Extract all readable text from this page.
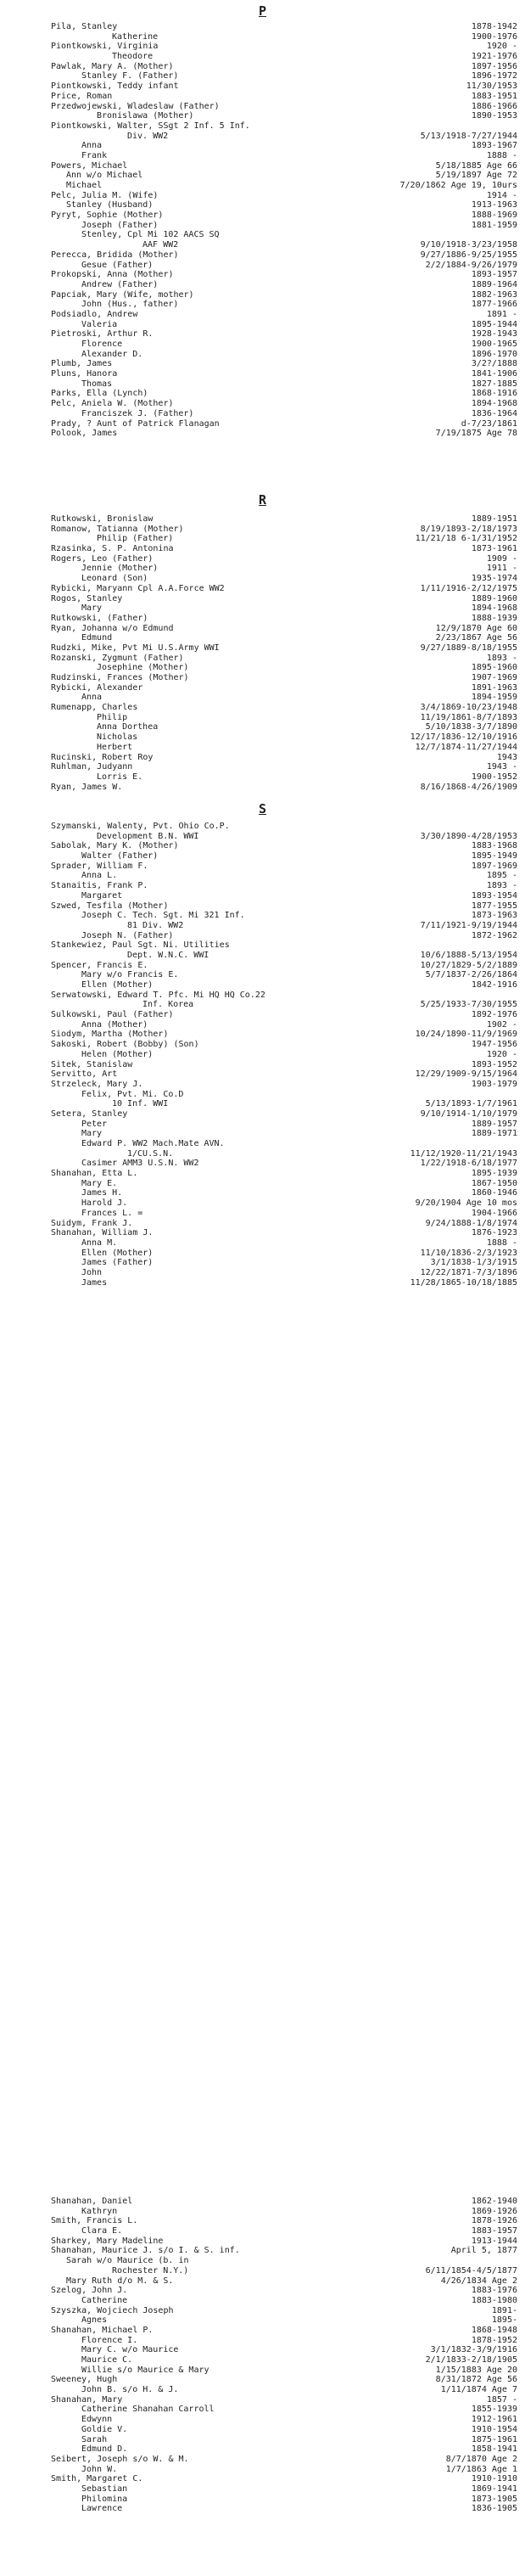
P
Pila, Stanley	1878-1942
Katherine	1900-1976
Piontkowski, Virginia	1920 -
Theodore	1921-1976
Pawlak, Mary A. (Mother)	1897-1956
Stanley F. (Father)	1896-1972
Piontkowski, Teddy infant	11/30/1953
Price, Roman	1883-1951
Przedwojewski, Wladeslaw (Father)	1886-1966
Bronislawa (Mother)	1890-1953
Piontkowski, Walter, SSgt 2 Inf. 5 Inf.
Div. WW2	5/13/1918-7/27/1944
Anna	1893-1967
Frank	1888 -
Powers, Michael	5/18/1885 Age 66
Ann w/o Michael	5/19/1897 Age 72
Michael	7/20/1862 Age 19, 10urs
Pelc, Julia M. (Wife)	1914 -
Stanley (Husband)	1913-1963
Pyryt, Sophie (Mother)	1888-1969
Joseph (Father)	1881-1959
Stenley, Cpl Mi 102 AACS SQ
AAF WW2	9/10/1918-3/23/1958
Perecca, Bridida (Mother)	9/27/1886-9/25/1955
Gesue (Father)	2/2/1884-9/26/1979
Prokopski, Anna (Mother)	1893-1957
Andrew (Father)	1889-1964
Papciak, Mary (Wife, mother)	1882-1963
John (Hus., father)	1877-1966
Podsiadlo, Andrew	1891 -
Valeria	1895-1944
Pietroski, Arthur R.	1928-1943
Florence	1900-1965
Alexander D.	1896-1970
Plumb, James	3/2?/1888
Pluns, Hanora	1841-1906
Thomas	1827-1885
Parks, Ella (Lynch)	1868-1916
Pelc, Aniela W. (Mother)	1894-1968
Franciszek J. (Father)	1836-1964
Prady, ? Aunt of Patrick Flanagan	d-7/23/1861
Polook, James	7/19/1875 Age 78
R
Rutkowski, Bronislaw	1889-1951
Romanow, Tatianna (Mother)	8/19/1893-2/18/1973
Philip (Father)	11/21/18 6-1/31/1952
Rzasinka, S. P. Antonina	1873-1961
Rogers, Leo (Father)	1909 -
Jennie (Mother)	1911 -
Leonard (Son)	1935-1974
Rybicki, Maryann Cpl A.A.Force WW2	1/11/1916-2/12/1975
Rogos, Stanley	1889-1960
Mary	1894-1968
Rutkowski, (Father)	1888-1939
Ryan, Johanna w/o Edmund	12/9/1870 Age 60
Edmund	2/23/1867 Age 56
Rudzki, Mike, Pvt Mi U.S.Army WWI	9/27/1889-8/18/1955
Rozanski, Zygmunt (Father)	1893 -
Josephine (Mother)	1895-1960
Rudzinski, Frances (Mother)	1907-1969
Rybicki, Alexander	1891-1963
Anna	1894-1959
Rumenapp, Charles	3/4/1869-10/23/1948
Philip	11/19/1861-8/7/1893
Anna Dorthea	5/10/1838-3/7/1890
Nicholas	12/17/1836-12/10/1916
Herbert	12/7/1874-11/27/1944
Rucinski, Robert Roy	1943
Ruhlman, Judyann	1943 -
Lorris E.	1900-1952
Ryan, James W.	8/16/1868-4/26/1909
S
Szymanski, Walenty, Pvt. Ohio Co.P.
Development B.N. WWI	3/30/1890-4/28/1953
Sabolak, Mary K. (Mother)	1883-1968
Walter (Father)	1895-1949
Sprader, William F.	1897-1969
Anna L.	1895 -
Stanaitis, Frank P.	1893 -
Margaret	1893-1954
Szwed, Tesfila (Mother)	1877-1955
Joseph C. Tech. Sgt. Mi 321 Inf.	1873-1963
81 Div. WW2	7/11/1921-9/19/1944
Joseph N. (Father)	1872-1962
Stankewiez, Paul Sgt. Ni. Utilities
Dept. W.N.C. WWI	10/6/1888-5/13/1954
Spencer, Francis E.	10/27/1829-5/2/1889
Mary w/o Francis E.	5/7/1837-2/26/1864
Ellen (Mother)	1842-1916
Serwatowski, Edward T. Pfc. Mi HQ HQ Co.22
Inf. Korea	5/25/1933-7/30/1955
Sulkowski, Paul (Father)	1892-1976
Anna (Mother)	1902 -
Siodym, Martha (Mother)	10/24/1890-11/9/1969
Sakoski, Robert (Bobby) (Son)	1947-1956
Helen (Mother)	1920 -
Sitek, Stanislaw	1893-1952
Servitto, Art	12/29/1909-9/15/1964
Strzeleck, Mary J.	1903-1979
Felix, Pvt. Mi. Co.D
10 Inf. WWI	5/13/1893-1/7/1961
Setera, Stanley	9/10/1914-1/10/1979
Peter	1889-1957
Mary	1889-1971
Edward P. WW2 Mach.Mate AVN.
1/CU.S.N.	11/12/1920-11/21/1943
Casimer AMM3 U.S.N. WW2	1/22/1918-6/18/1977
Shanahan, Etta L.	1895-1939
Mary E.	1867-1950
James H.	1860-1946
Harold J.	9/20/1904 Age 10 mos
Frances L. =	1904-1966
Suidym, Frank J.	9/24/1888-1/8/1974
Shanahan, William J.	1876-1923
Anna M.	1888 -
Ellen (Mother)	11/10/1836-2/3/1923
James (Father)	3/1/1838-1/3/1915
John	12/22/1871-7/3/1896
James	11/28/1865-10/18/1885
Shanahan, Daniel	1862-1940
Kathryn	1869-1926
Smith, Francis L.	1878-1926
Clara E.	1883-1957
Sharkey, Mary Madeline	1913-1944
Shanahan, Maurice J. s/o I. & S. inf.	April 5, 1877
Sarah w/o Maurice (b. in
Rochester N.Y.)	6/11/1854-4/5/1877
Mary Ruth d/o M. & S.	4/26/1834 Age 2
Szelog, John J.	1883-1976
Catherine	1883-1980
Szyszka, Wojciech Joseph	1891-
Agnes	1895-
Shanahan, Michael P.	1868-1948
Florence I.	1878-1952
Mary C. w/o Maurice	3/1/1832-3/9/1916
Maurice C.	2/1/1833-2/18/1905
Willie s/o Maurice & Mary	1/15/1883 Age 20
Sweeney, Hugh	8/31/1872 Age 56
John B. s/o H. & J.	1/11/1874 Age 7
Shanahan, Mary	1857 -
Catherine Shanahan Carroll	1855-1939
Edwynn	1912-1961
Goldie V.	1910-1954
Sarah	1875-1961
Edmund D.	1858-1941
Seibert, Joseph s/o W. & M.	8/7/1870 Age 2
John W.	1/7/1863 Age 1
Smith, Margaret C.	1910-1910
Sebastian	1869-1941
Philomina	1873-1905
Lawrence	1836-1905
